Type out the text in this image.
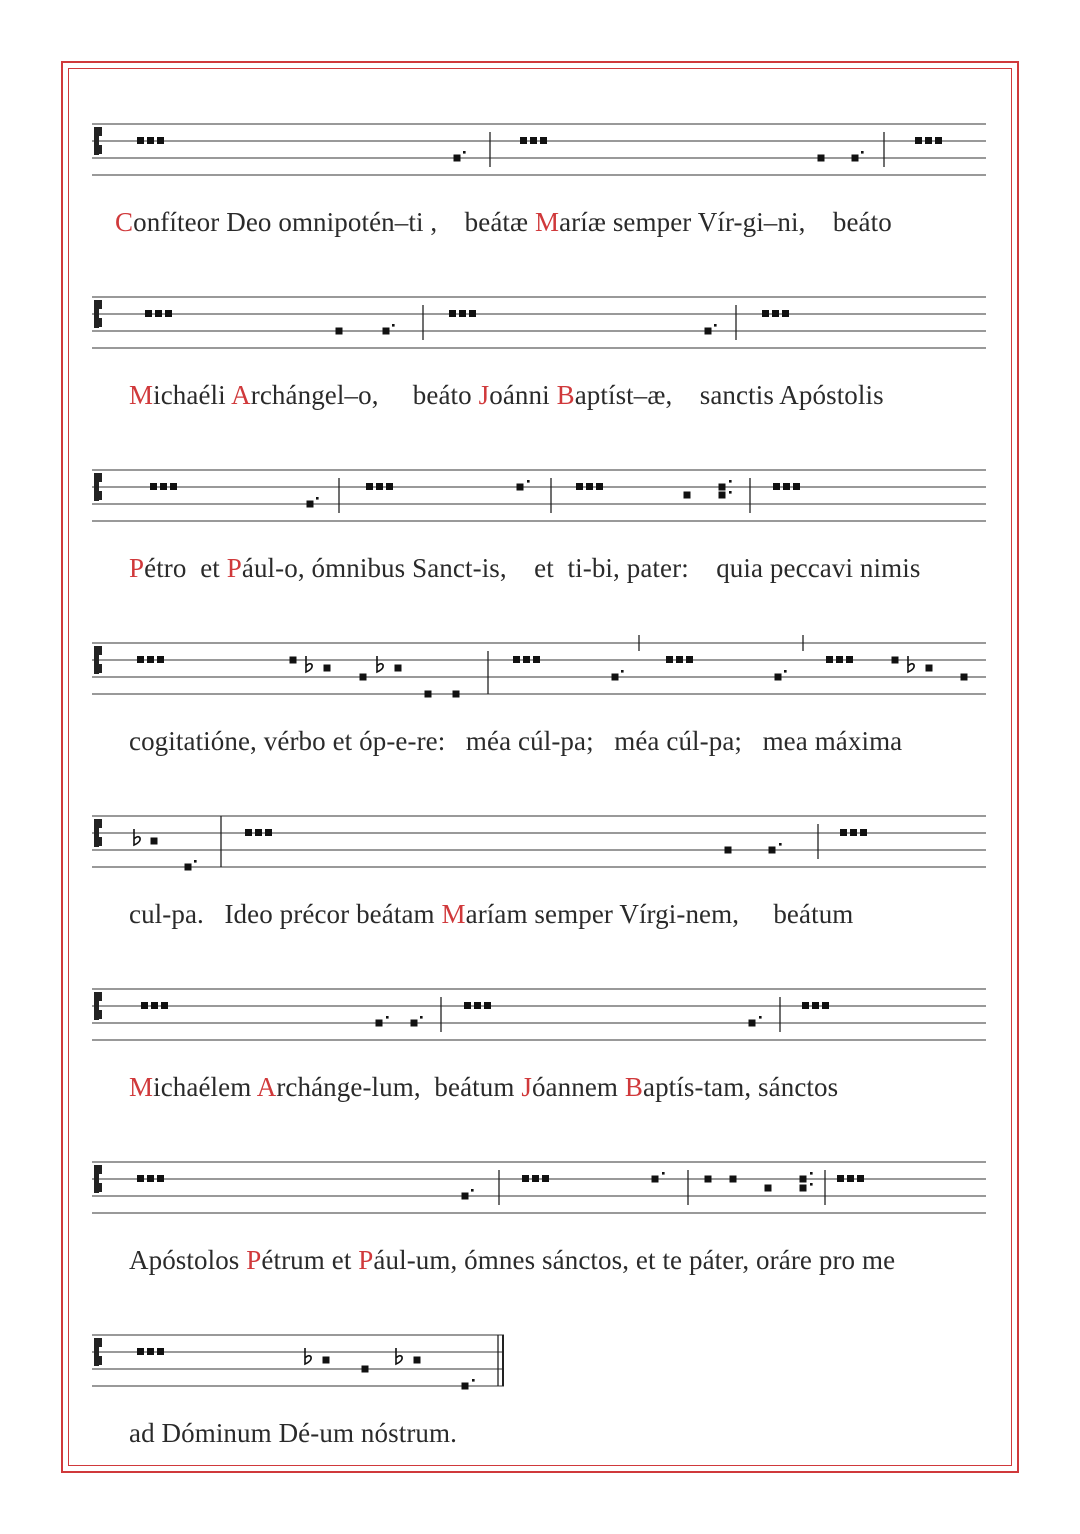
Confíteor Deo omnipotén–ti ,    beátæ Maríæ semper Vír-gi–ni,    beáto

Michaéli Archángel–o,     beáto Joánni Baptíst–æ,    sanctis Apóstolis

Pétro  et Pául-o, ómnibus Sanct-is,    et  ti-bi, pater:    quia peccavi nimis

cogitatióne, vérbo et óp-e-re:   méa cúl-pa;   méa cúl-pa;   mea máxima

cul-pa.   Ideo précor beátam Maríam semper Vírgi-nem,     beátum

Michaélem Archánge-lum,  beátum Jóannem Baptís-tam, sánctos

Apóstolos Pétrum et Pául-um, ómnes sánctos, et te páter, oráre pro me

ad Dóminum Dé-um nóstrum.
